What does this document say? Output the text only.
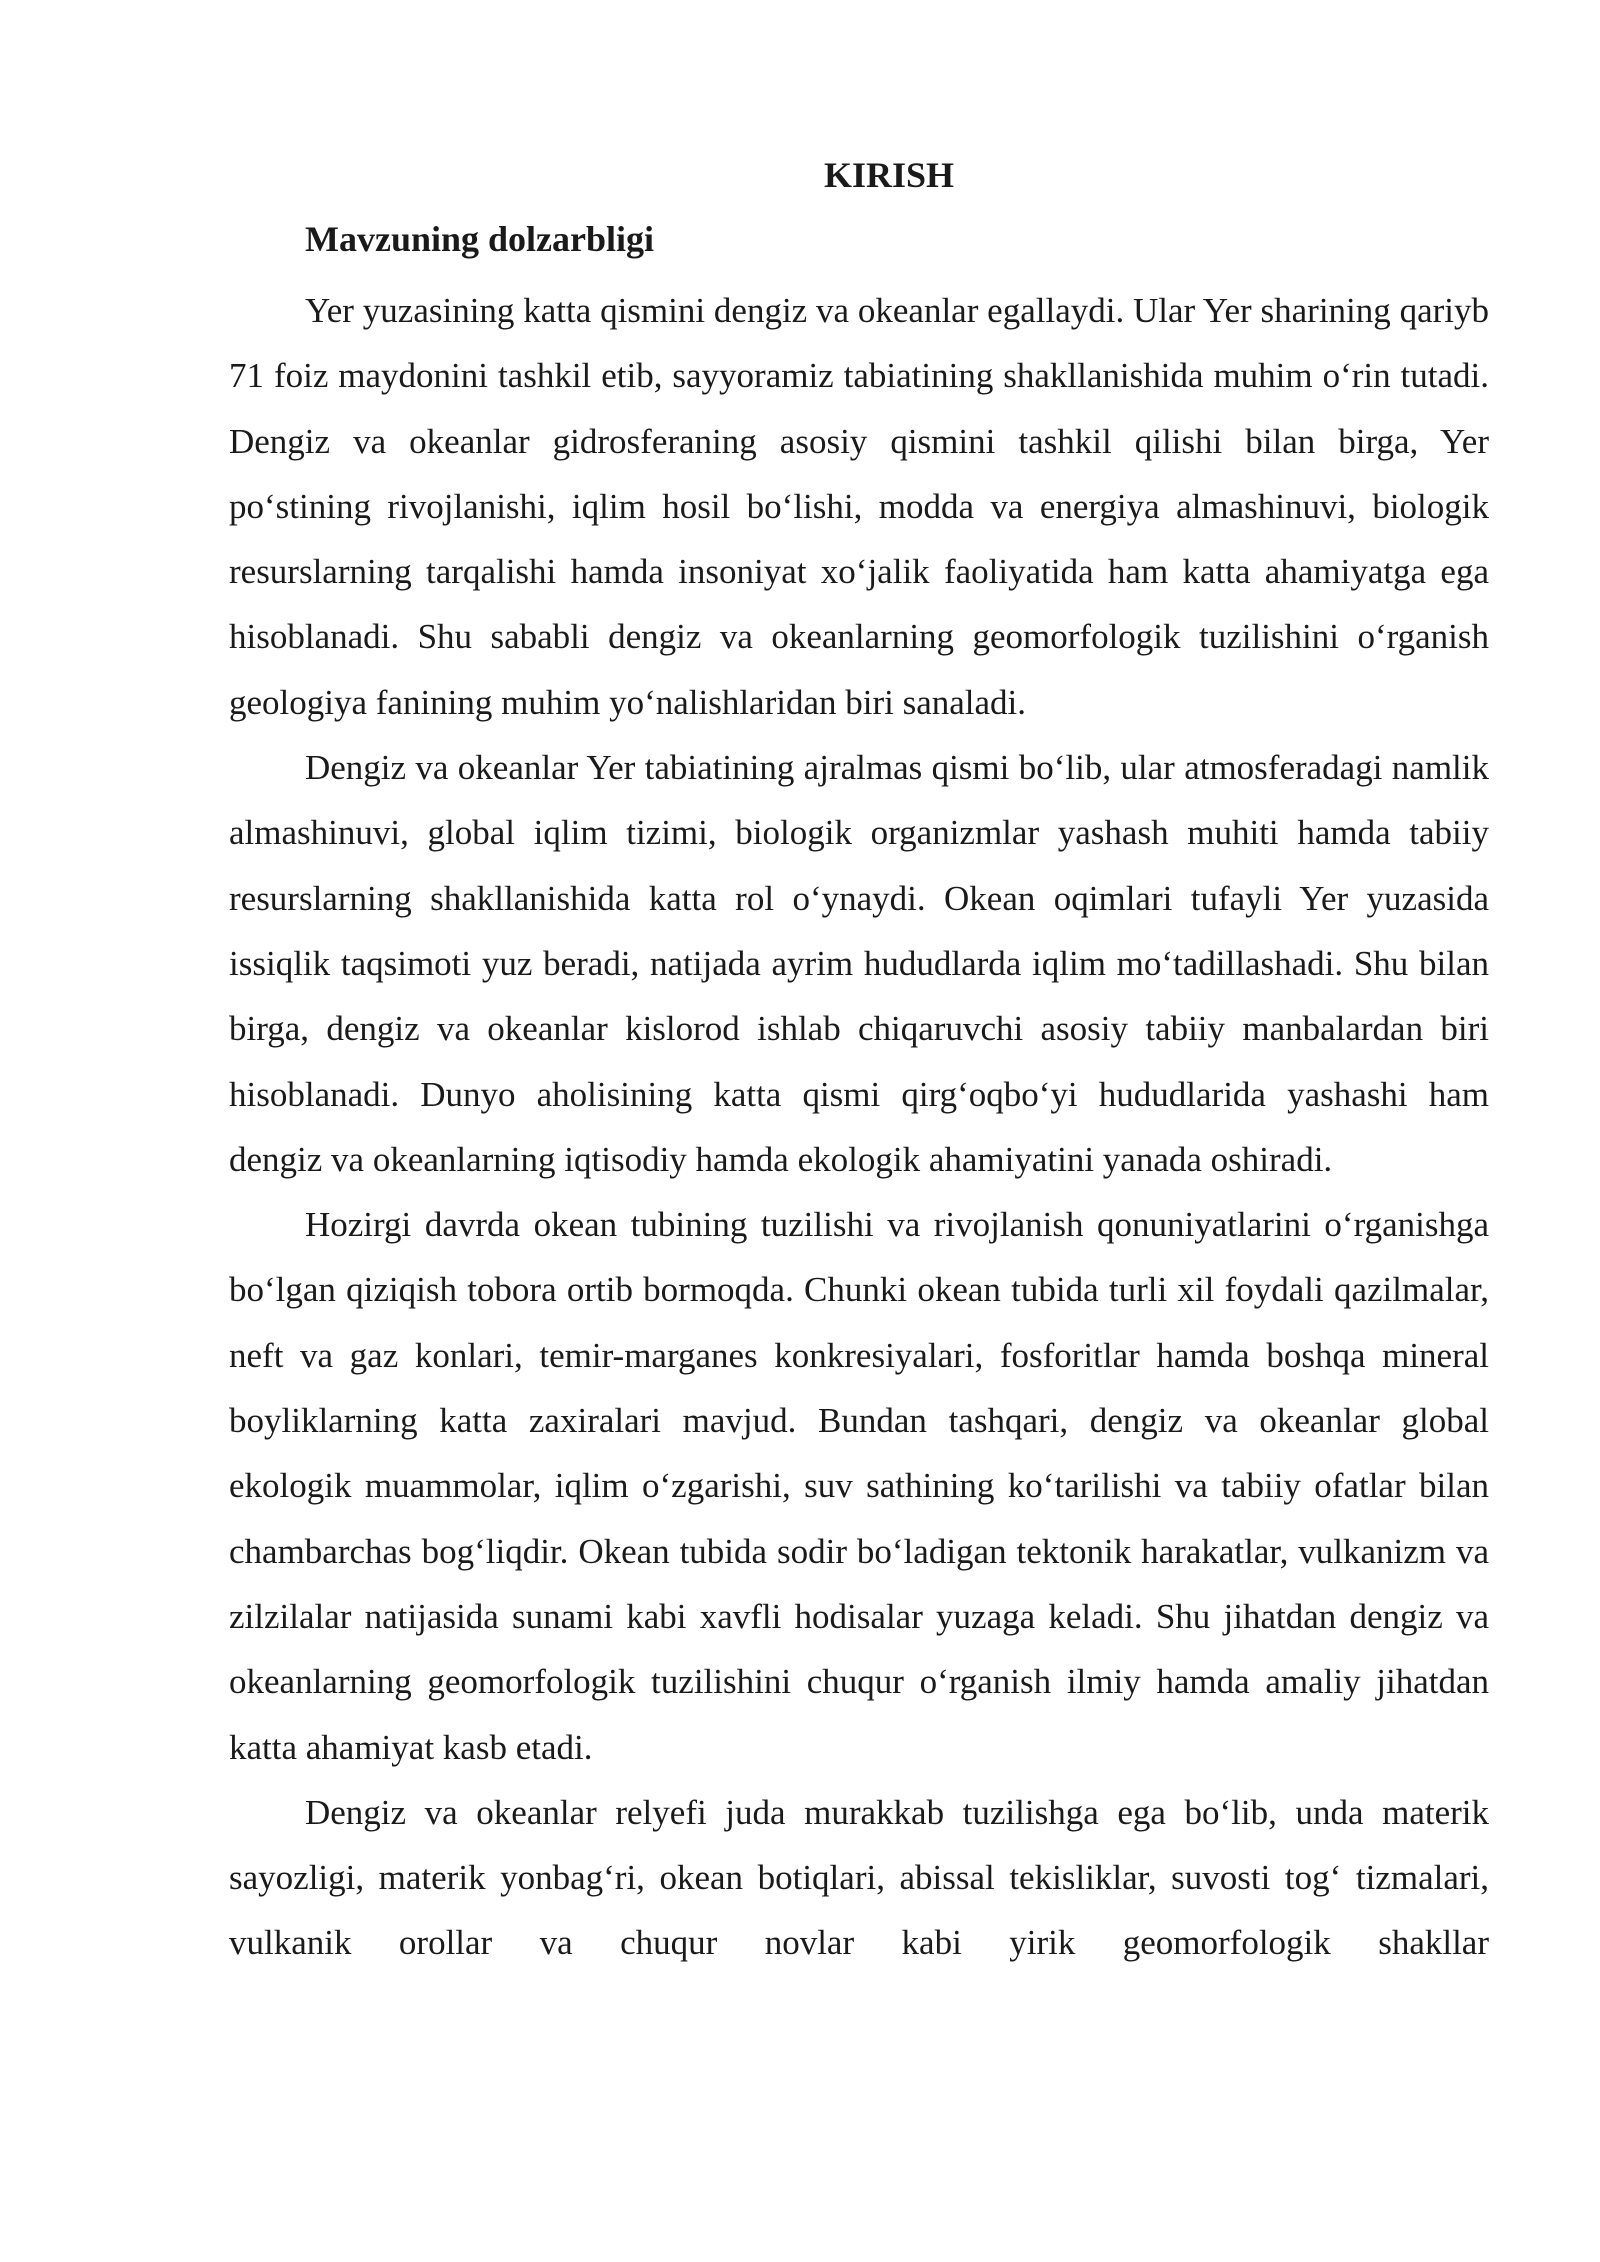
KIRISH
Mavzuning dolzarbligi

Yer yuzasining katta qismini dengiz va okeanlar egallaydi. Ular Yer sharining qariyb 71 foiz maydonini tashkil etib, sayyoramiz tabiatining shakllanishida muhim o‘rin tutadi. Dengiz va okeanlar gidrosferaning asosiy qismini tashkil qilishi bilan birga, Yer po‘stining rivojlanishi, iqlim hosil bo‘lishi, modda va energiya almashinuvi, biologik resurslarning tarqalishi hamda insoniyat xo‘jalik faoliyatida ham katta ahamiyatga ega hisoblanadi. Shu sababli dengiz va okeanlarning geomorfologik tuzilishini o‘rganish geologiya fanining muhim yo‘nalishlaridan biri sanaladi.

Dengiz va okeanlar Yer tabiatining ajralmas qismi bo‘lib, ular atmosferadagi namlik almashinuvi, global iqlim tizimi, biologik organizmlar yashash muhiti hamda tabiiy resurslarning shakllanishida katta rol o‘ynaydi. Okean oqimlari tufayli Yer yuzasida issiqlik taqsimoti yuz beradi, natijada ayrim hududlarda iqlim mo‘tadillashadi. Shu bilan birga, dengiz va okeanlar kislorod ishlab chiqaruvchi asosiy tabiiy manbalardan biri hisoblanadi. Dunyo aholisining katta qismi qirg‘oqbo‘yi hududlarida yashashi ham dengiz va okeanlarning iqtisodiy hamda ekologik ahamiyatini yanada oshiradi.

Hozirgi davrda okean tubining tuzilishi va rivojlanish qonuniyatlarini o‘rganishga bo‘lgan qiziqish tobora ortib bormoqda. Chunki okean tubida turli xil foydali qazilmalar, neft va gaz konlari, temir-marganes konkresiyalari, fosforitlar hamda boshqa mineral boyliklarning katta zaxiralari mavjud. Bundan tashqari, dengiz va okeanlar global ekologik muammolar, iqlim o‘zgarishi, suv sathining ko‘tarilishi va tabiiy ofatlar bilan chambarchas bog‘liqdir. Okean tubida sodir bo‘ladigan tektonik harakatlar, vulkanizm va zilzilalar natijasida sunami kabi xavfli hodisalar yuzaga keladi. Shu jihatdan dengiz va okeanlarning geomorfologik tuzilishini chuqur o‘rganish ilmiy hamda amaliy jihatdan katta ahamiyat kasb etadi.

Dengiz va okeanlar relyefi juda murakkab tuzilishga ega bo‘lib, unda materik sayozligi, materik yonbag‘ri, okean botiqlari, abissal tekisliklar, suvosti tog‘ tizmalari, vulkanik orollar va chuqur novlar kabi yirik geomorfologik shakllar
